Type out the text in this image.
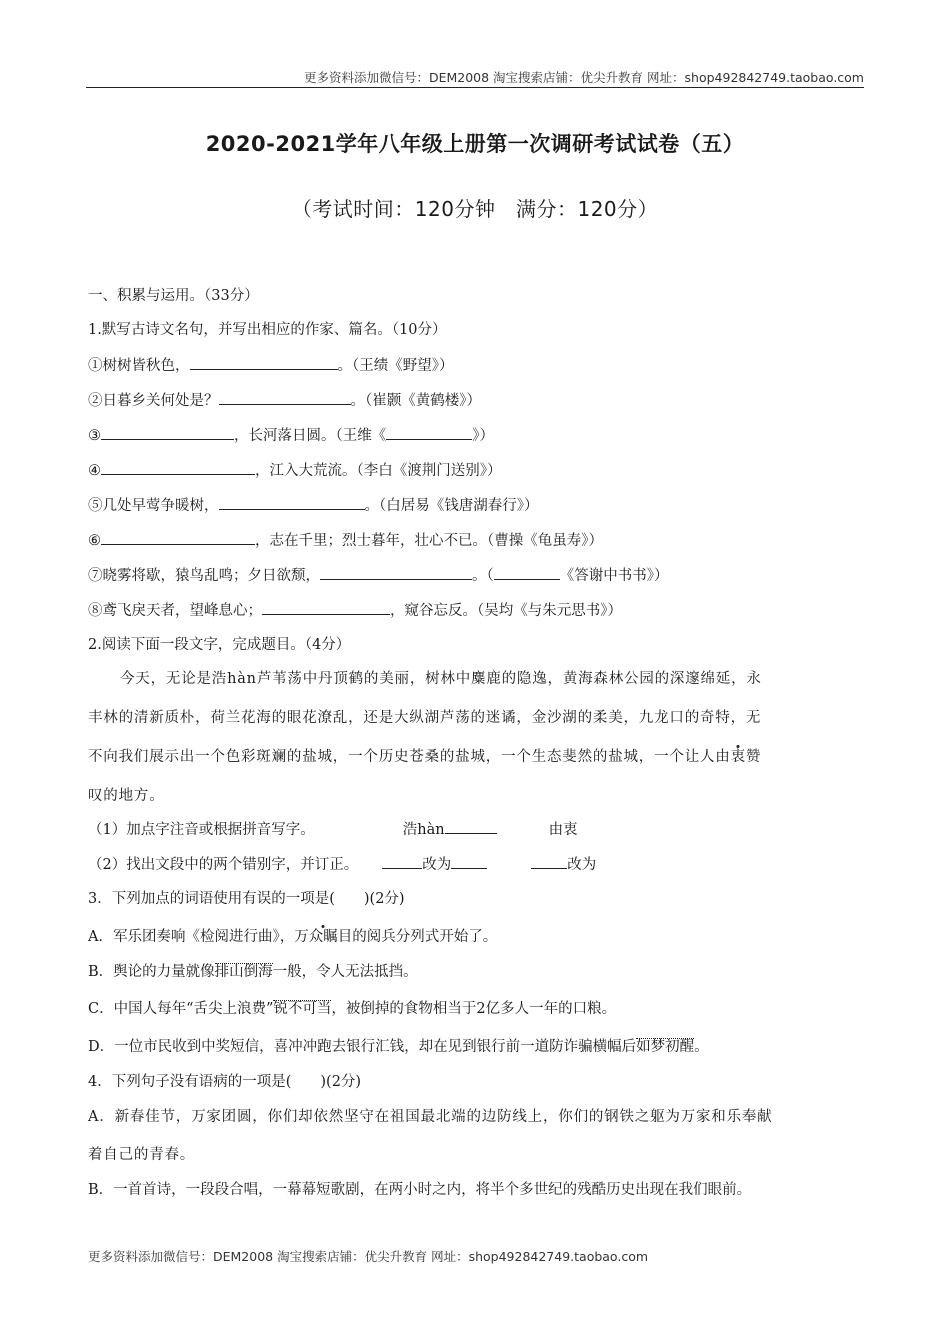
更多资料添加微信号：DEM2008 淘宝搜索店铺：优尖升教育 网址：shop492842749.taobao.com
2020-2021学年八年级上册第一次调研考试试卷（五）
（考试时间：120分钟　满分：120分）
一、积累与运用。（33分）
1.默写古诗文名句，并写出相应的作家、篇名。（10分）
①树树皆秋色，	。（王绩《野望》）
②日暮乡关何处是？	。（崔颢《黄鹤楼》）
③	，长河落日圆。（王维《	》）
④	，江入大荒流。（李白《渡荆门送别》）
⑤几处早莺争暖树，	。（白居易《钱唐湖春行》）
⑥	，志在千里；烈士暮年，壮心不已。（曹操《龟虽寿》）
⑦晓雾将歇，猿鸟乱鸣；夕日欲颓，	。（	《答谢中书书》）
⑧鸢飞戾天者，望峰息心；	，窥谷忘反。（吴均《与朱元思书》）
2.阅读下面一段文字，完成题目。（4分）
今天，无论是浩hàn芦苇荡中丹顶鹤的美丽，树林中麋鹿的隐逸，黄海森林公园的深邃绵延，永
丰林的清新质朴，荷兰花海的眼花潦乱，还是大纵湖芦荡的迷谲，金沙湖的柔美，九龙口的奇特，无
不向我们展示出一个色彩斑斓的盐城，一个历史苍桑的盐城，一个生态斐然的盐城，一个让人由衷赞
叹的地方。
（1）加点字注音或根据拼音写字。	浩hàn	由衷
（2）找出文段中的两个错别字，并订正。	改为	改为
3．下列加点的词语使用有误的一项是(　　)(2分)
A．军乐团奏响《检阅进行曲》，万众瞩目的阅兵分列式开始了。
B．舆论的力量就像排山倒海一般，令人无法抵挡。
C．中国人每年“舌尖上浪费”锐不可当，被倒掉的食物相当于2亿多人一年的口粮。
D．一位市民收到中奖短信，喜冲冲跑去银行汇钱，却在见到银行前一道防诈骗横幅后如梦初醒。
4．下列句子没有语病的一项是(　　)(2分)
A．新春佳节，万家团圆，你们却依然坚守在祖国最北端的边防线上，你们的钢铁之躯为万家和乐奉献
着自己的青春。
B．一首首诗，一段段合唱，一幕幕短歌剧，在两小时之内，将半个多世纪的残酷历史出现在我们眼前。
更多资料添加微信号：DEM2008 淘宝搜索店铺：优尖升教育 网址：shop492842749.taobao.com
